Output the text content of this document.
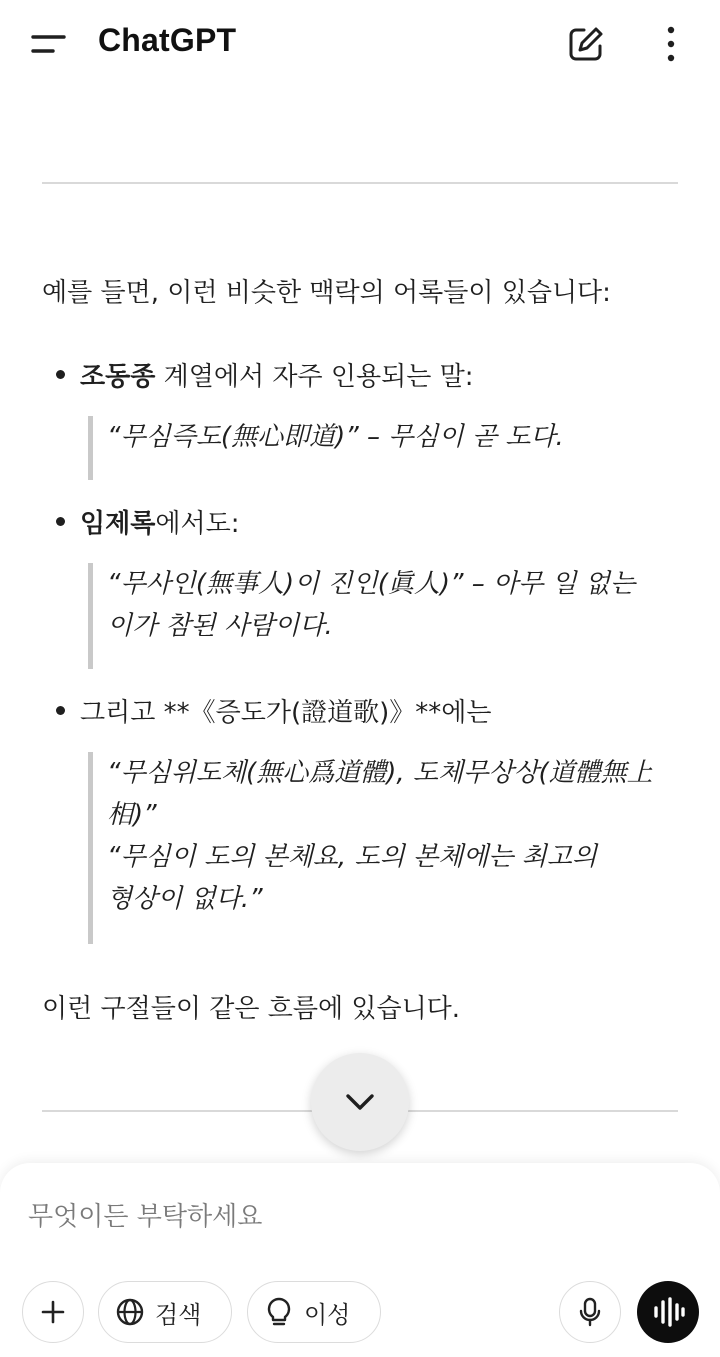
ChatGPT
예를 들면, 이런 비슷한 맥락의 어록들이 있습니다:
조동종 계열에서 자주 인용되는 말:
“무심즉도(無心即道)” – 무심이 곧 도다.
임제록에서도:
“무사인(無事人)이 진인(眞人)” – 아무 일 없는
이가 참된 사람이다.
그리고 **《증도가(證道歌)》**에는
“무심위도체(無心爲道體), 도체무상상(道體無上
相)”
“무심이 도의 본체요, 도의 본체에는 최고의
형상이 없다.”
이런 구절들이 같은 흐름에 있습니다.
무엇이든 부탁하세요
검색	이성
